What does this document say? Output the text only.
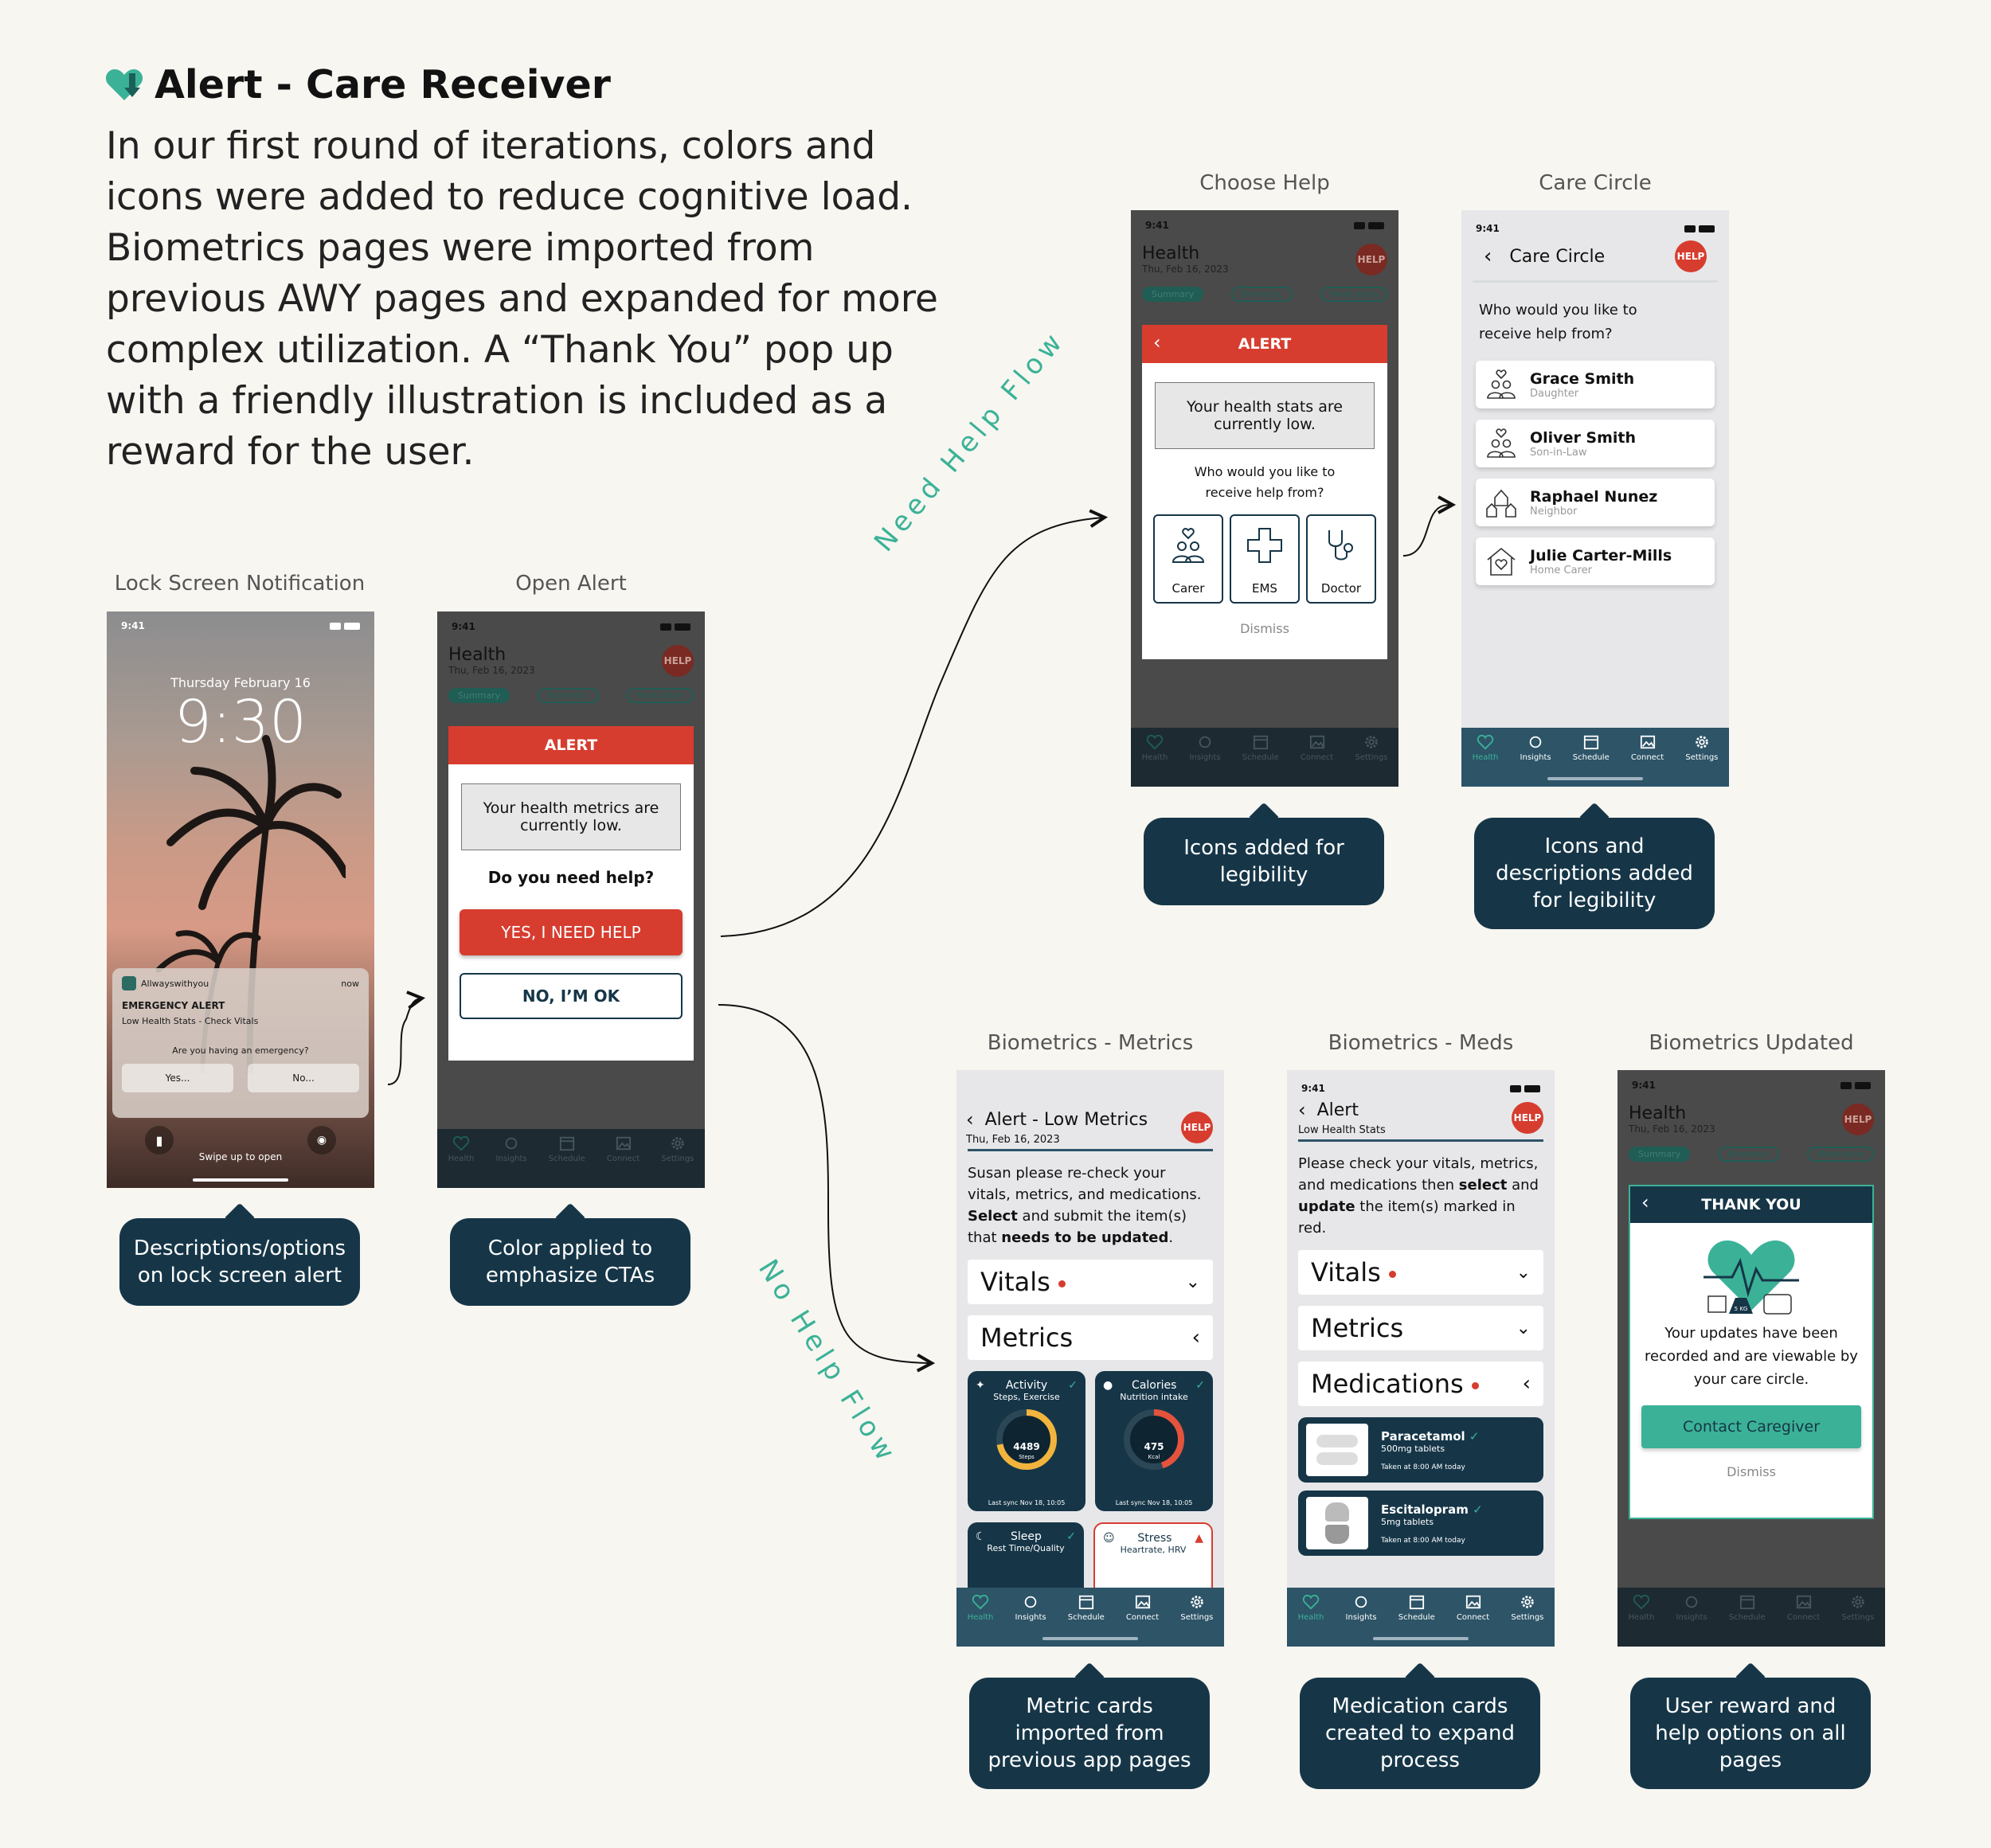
Alert - Care Receiver

In our first round of iterations, colors and icons were added to reduce cognitive load. Biometrics pages were imported from previous AWY pages and expanded for more complex utilization. A “Thank You” pop up with a friendly illustration is included as a reward for the user.	Need Help Flow
No Help Flow
Lock Screen Notification
9:41
Thursday February 16
9:30
Allwayswithyou	now
EMERGENCY ALERT
Low Health Stats - Check Vitals
Are you having an emergency?
Yes...	No...
▮	◉
Swipe up to open
Descriptions/options on lock screen alert
Open Alert
9:41
Health
Thu, Feb 16, 2023
HELP
Summary	Biometric	Medication
ALERT
Your health metrics are currently low.
Do you need help?
YES, I NEED HELP
NO, I’M OK
Health	Insights	Schedule	Connect	Settings
Color applied to emphasize CTAs
Choose Help
9:41
Health
Thu, Feb 16, 2023
HELP
Summary	Biometric	Medication
‹	ALERT
Your health stats are currently low.
Who would you like to receive help from?
Carer	EMS	Doctor
Dismiss
Health	Insights	Schedule	Connect	Settings
Icons added for legibility
Care Circle
9:41
‹ Care Circle	HELP
Who would you like to receive help from?
Grace Smith
Daughter
Oliver Smith
Son-in-Law
Raphael Nunez
Neighbor
Julie Carter-Mills
Home Carer
Health	Insights	Schedule	Connect	Settings
Icons and descriptions added for legibility
Biometrics - Metrics
‹ Alert - Low Metrics
Thu, Feb 16, 2023
HELP
Susan please re-check your vitals, metrics, and medications. Select and submit the item(s) that needs to be updated.
Vitals	⌄
Metrics	‹
✦ Activity ✓
Steps, Exercise
4489
Steps
Last sync Nov 18, 10:05
● Calories ✓
Nutrition intake
475
Kcal
Last sync Nov 18, 10:05
☾ Sleep ✓
Rest Time/Quality
☺ Stress ▲
Heartrate, HRV
Health	Insights	Schedule	Connect	Settings
Metric cards imported from previous app pages
Biometrics - Meds
9:41
‹ Alert
Low Health Stats
HELP
Please check your vitals, metrics, and medications then select and update the item(s) marked in red.
Vitals	⌄
Metrics	⌄
Medications	‹
Paracetamol ✓
500mg tablets
Taken at 8:00 AM today
Escitalopram ✓
5mg tablets
Taken at 8:00 AM today
Health	Insights	Schedule	Connect	Settings
Medication cards created to expand process
Biometrics Updated
9:41
Health
Thu, Feb 16, 2023
HELP
Summary	Biometric	Medication
‹	THANK YOU
5 KG
Your updates have been recorded and are viewable by your care circle.
Contact Caregiver
Dismiss
Health	Insights	Schedule	Connect	Settings
User reward and help options on all pages
